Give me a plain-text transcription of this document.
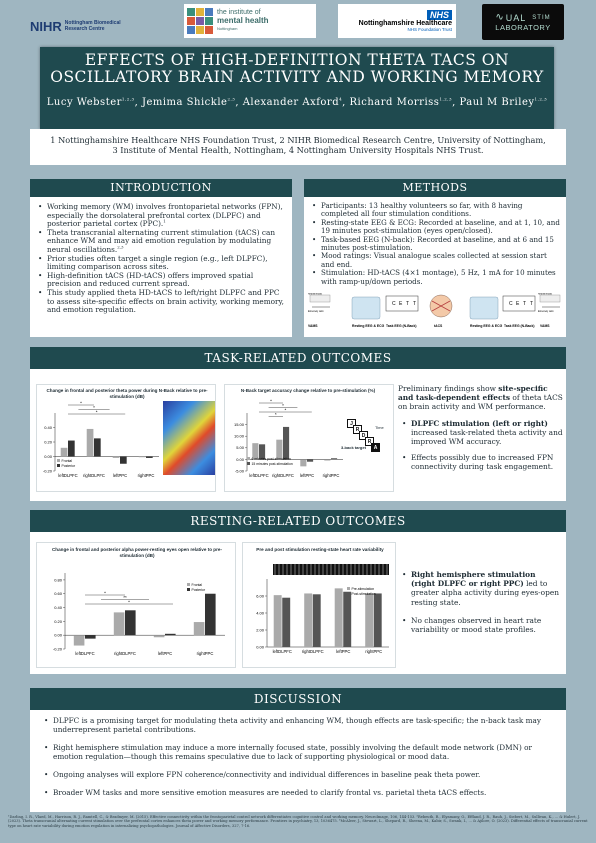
NIHR Nottingham Biomedical
Research Centre
the institute of
mental health
Nottingham
NHS
Nottinghamshire Healthcare
NHS Foundation Trust
∿ UAL STIM
LABORATORY
EFFECTS OF HIGH-DEFINITION THETA TACS ON
OSCILLATORY BRAIN ACTIVITY AND WORKING MEMORY
Lucy Webster$^{1,2,3}$, Jemima Shickle$^{2,3}$, Alexander Axford$^4$, Richard Morriss$^{1,2,3}$, Paul M Briley$^{1,2,3}$
1 Nottinghamshire Healthcare NHS Foundation Trust, 2 NIHR Biomedical Research Centre, University of Nottingham, 3 Institute of Mental Health, Nottingham, 4 Nottingham University Hospitals NHS Trust.
INTRODUCTION
• Working memory (WM) involves frontoparietal networks (FPN), especially the dorsolateral prefrontal cortex (DLPFC) and posterior parietal cortex (PPC).$^1$
• Theta transcranial alternating current stimulation (tACS) can enhance WM and may aid emotion regulation by modulating neural oscillations.$^{2,3}$
• Prior studies often target a single region (e.g., left DLPFC), limiting comparison across sites.
• High-definition tACS (HD-tACS) offers improved spatial precision and reduced current spread.
• This study applied theta HD-tACS to left/right DLPFC and PPC to assess site-specific effects on brain activity, working memory, and emotion regulation.
METHODS
• Participants: 13 healthy volunteers so far, with 8 having completed all four stimulation conditions.
• Resting-state EEG & ECG: Recorded at baseline, and at 1, 10, and 19 minutes post-stimulation (eyes open/closed).
• Task-based EEG (N-back): Recorded at baseline, and at 6 and 15 minutes post-stimulation.
• Mood ratings: Visual analogue scales collected at session start and end.
• Stimulation: HD-tACS (4×1 montage), 5 Hz, 1 mA for 10 minutes with ramp-up/down periods.
C E T T	C E T T
VAMS	Resting EEG & ECG Task EEG (N-Back)	tACS	Resting EEG & ECG Task EEG (N-Back) VAMS
Neutral mood
Extremely calm
Neutral mood
Extremely calm
TASK-RELATED OUTCOMES
Change in frontal and posterior theta power during N-Back relative to pre-stimulation (dB)
-0.20
0.00
0.20
0.40
leftDLPFC rightDLPFC leftPPC	rightPPC
Frontal
Posterior
*
*
*
N-Back target accuracy change relative to pre-stimulation (%)
-5.00
0.00
5.00
10.00
15.00
leftDLPFC rightDLPFC leftPPC rightPPC
6 minutes post-stimulation
15 minutes post-stimulation
*
*
*
*
J
R
D
R
A
3-back target
Time
Preliminary findings show site-specific and task-dependent effects of theta tACS on brain activity and WM performance.
• DLPFC stimulation (left or right) increased task-related theta activity and improved WM accuracy.
• Effects possibly due to increased FPN connectivity during task engagement.
RESTING-RELATED OUTCOMES
Change in frontal and posterior alpha power-resting eyes open relative to pre-stimulation (dB)
-0.20
0.00
0.20
0.40
0.60
0.80
leftDLPFC	rightDLPFC	leftPPC	rightPPC
Frontal
Posterior
*
**
*
Pre and post stimulation resting-state heart rate variability
0.00
2.00
4.00
6.00
leftDLPFC rightDLPFC	leftPPC	rightPPC
Pre-stimulation
Post-stimulation
• Right hemisphere stimulation (right DLPFC or right PPC) led to greater alpha activity during eyes-open resting state.
• No changes observed in heart rate variability or mood state profiles.
DISCUSSION
• DLPFC is a promising target for modulating theta activity and enhancing WM, though effects are task-specific; the n-back task may underrepresent parietal contributions.
• Right hemisphere stimulation may induce a more internally focused state, possibly involving the default mode network (DMN) or emotion regulation—though this remains speculative due to lack of supporting physiological or mood data.
• Ongoing analyses will explore FPN coherence/connectivity and individual differences in baseline peak theta power.
• Broader WM tasks and more sensitive emotion measures are needed to clarify frontal vs. parietal theta tACS effects.
¹Darling, I. R., Vlaed, M., Harrison, R. J., Ramtell, C., & Bradmyer, M. (2015). Effective connectivity within the frontoparietal control network differentiates cognitive control and working memory. NeuroImage, 106, 144-153. ²Rebeuth, R., Elyamany, O., Effland, J. R., Rauh, J., Siebert, M., Sullivan, K., ... & Hulert, J. (2023). Theta transcranial alternating current stimulation over the prefrontal cortex enhances theta power and working memory performance. Frontiers in psychiatry, 13, 1036475. ³McAleer, J., Stewart, L., Shepard, R., Sheena, M., Kabir, S., Swank, I., ... & Ajilore, O. (2023). Differential effects of transcranial current type on heart rate variability during emotion regulation in internalizing psychopathologies. Journal of Affective Disorders, 327, 7-16.
